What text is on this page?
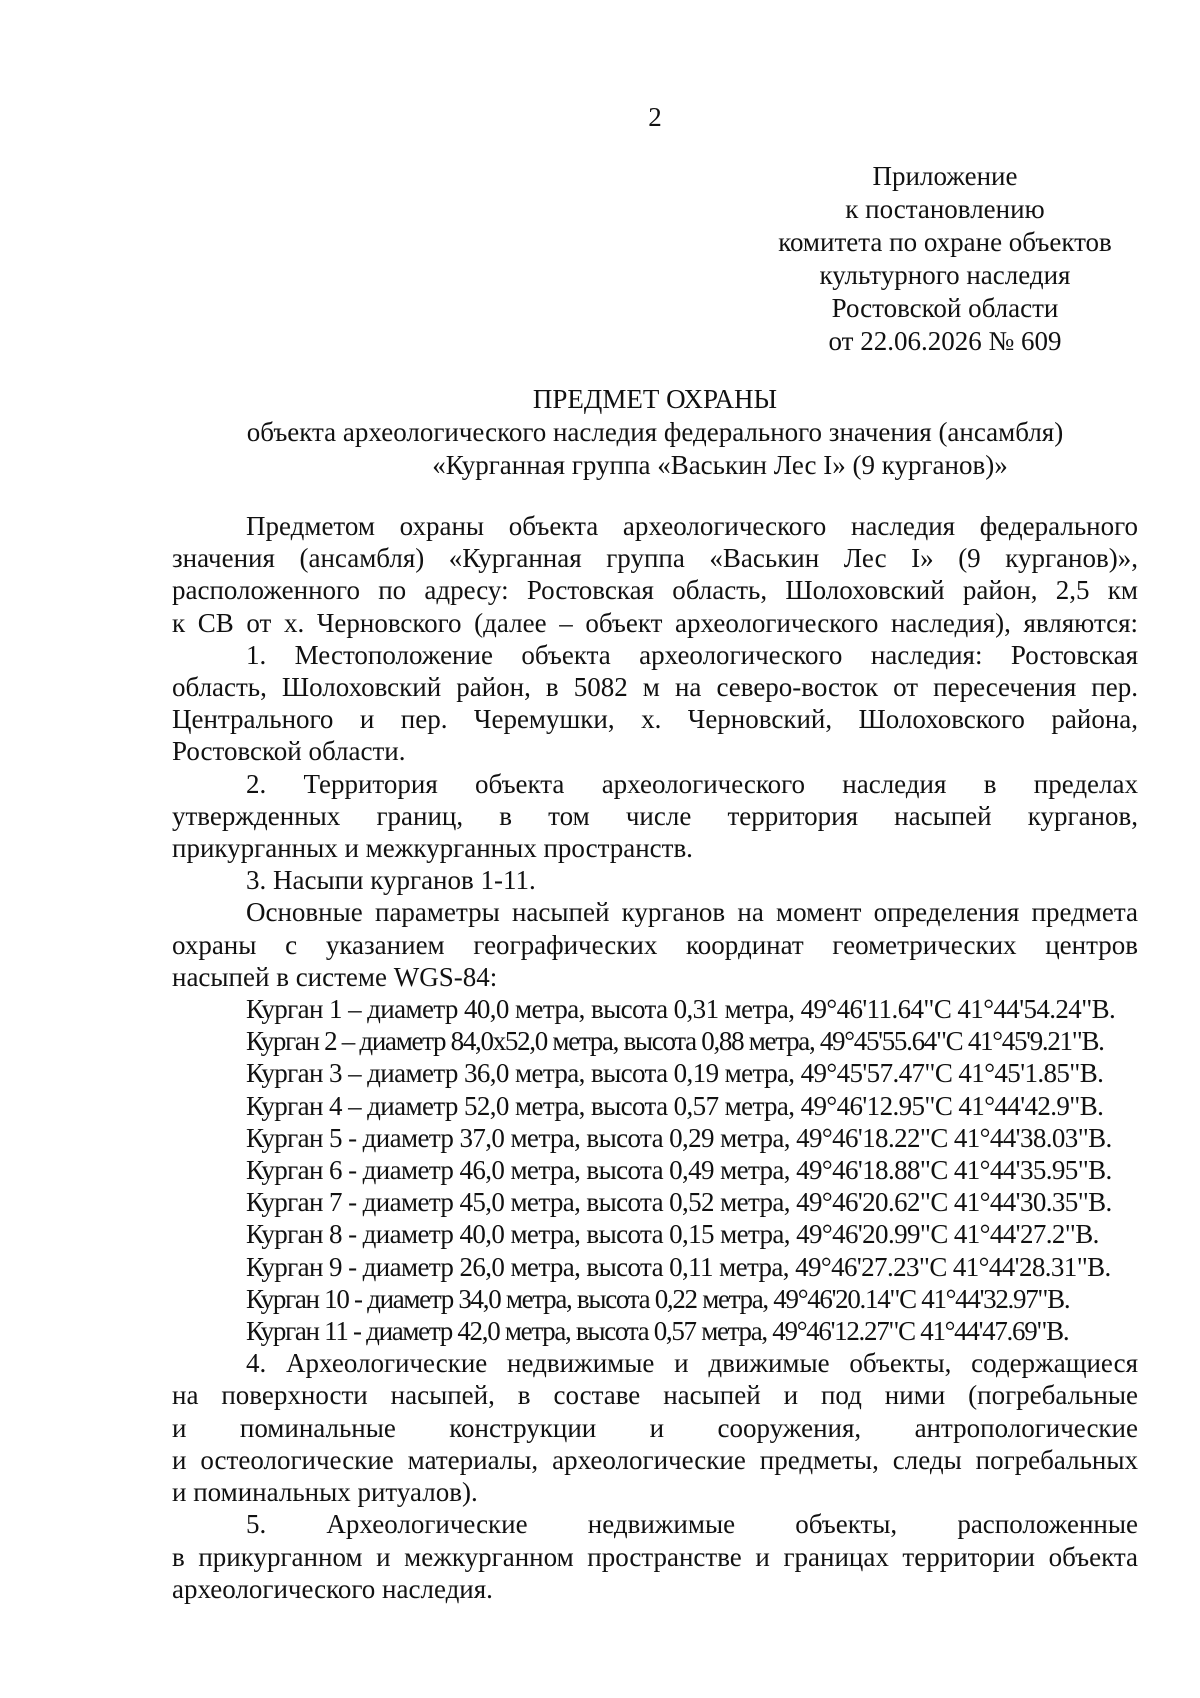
2
Приложение
к постановлению
комитета по охране объектов
культурного наследия
Ростовской области
от 22.06.2026 № 609
ПРЕДМЕТ ОХРАНЫ
объекта археологического наследия федерального значения (ансамбля)
«Курганная группа «Васькин Лес I» (9 курганов)»
Предметом охраны объекта археологического наследия федерального
значения (ансамбля) «Курганная группа «Васькин Лес I» (9 курганов)»,
расположенного по адресу: Ростовская область, Шолоховский район, 2,5 км
к СВ от х. Черновского (далее – объект археологического наследия), являются:
1. Местоположение объекта археологического наследия: Ростовская
область, Шолоховский район, в 5082 м на северо-восток от пересечения пер.
Центрального и пер. Черемушки, х. Черновский, Шолоховского района,
Ростовской области.
2. Территория объекта археологического наследия в пределах
утвержденных границ, в том числе территория насыпей курганов,
прикурганных и межкурганных пространств.
3. Насыпи курганов 1-11.
Основные параметры насыпей курганов на момент определения предмета
охраны с указанием географических координат геометрических центров
насыпей в системе WGS-84:
Курган 1 – диаметр 40,0 метра, высота 0,31 метра, 49°46'11.64"С 41°44'54.24"В.
Курган 2 – диаметр 84,0х52,0 метра, высота 0,88 метра, 49°45'55.64"С 41°45'9.21"В.
Курган 3 – диаметр 36,0 метра, высота 0,19 метра, 49°45'57.47"С 41°45'1.85"В.
Курган 4 – диаметр 52,0 метра, высота 0,57 метра, 49°46'12.95"С 41°44'42.9"В.
Курган 5 - диаметр 37,0 метра, высота 0,29 метра, 49°46'18.22"С 41°44'38.03"В.
Курган 6 - диаметр 46,0 метра, высота 0,49 метра, 49°46'18.88"С 41°44'35.95"В.
Курган 7 - диаметр 45,0 метра, высота 0,52 метра, 49°46'20.62"С 41°44'30.35"В.
Курган 8 - диаметр 40,0 метра, высота 0,15 метра, 49°46'20.99"С 41°44'27.2"В.
Курган 9 - диаметр 26,0 метра, высота 0,11 метра, 49°46'27.23"С 41°44'28.31"В.
Курган 10 - диаметр 34,0 метра, высота 0,22 метра, 49°46'20.14"С 41°44'32.97"В.
Курган 11 - диаметр 42,0 метра, высота 0,57 метра, 49°46'12.27"С 41°44'47.69"В.
4. Археологические недвижимые и движимые объекты, содержащиеся
на поверхности насыпей, в составе насыпей и под ними (погребальные
и поминальные конструкции и сооружения, антропологические
и остеологические материалы, археологические предметы, следы погребальных
и поминальных ритуалов).
5. Археологические недвижимые объекты, расположенные
в прикурганном и межкурганном пространстве и границах территории объекта
археологического наследия.
